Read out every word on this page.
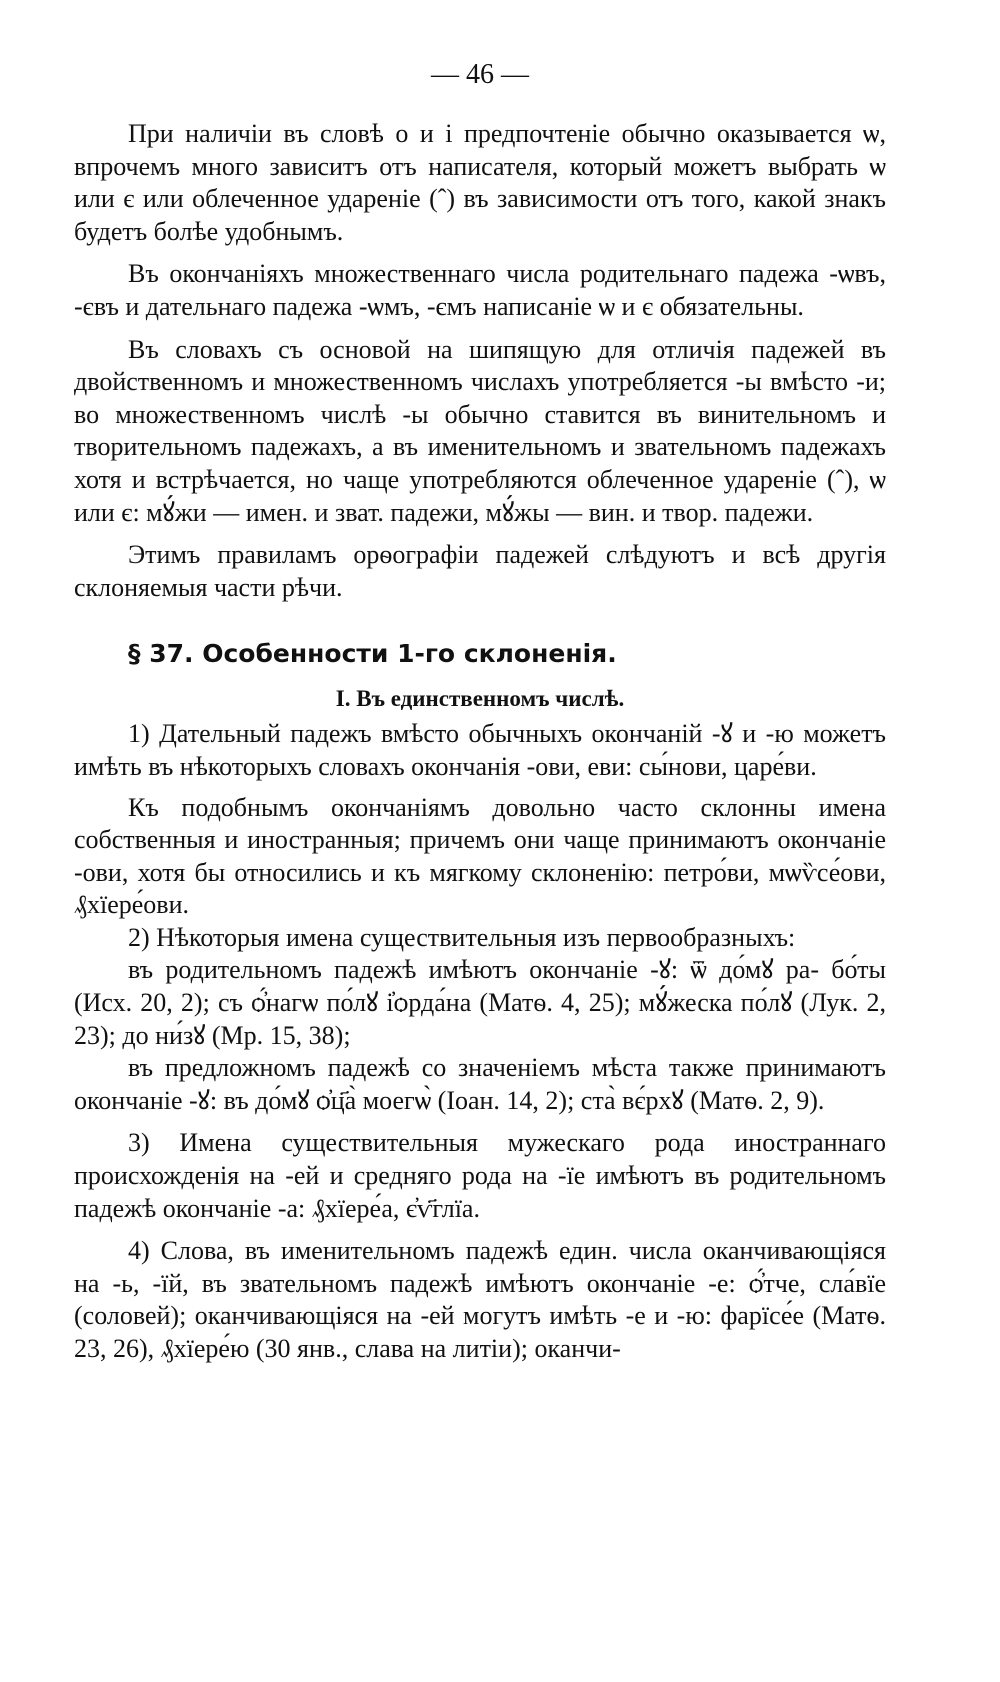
— 46 —

При наличіи въ словѣ о и і предпочтеніе обычно оказывается ѡ, впрочемъ много зависитъ отъ написателя, который можетъ выбрать ѡ или є или облеченное удареніе (ˆ) въ зависимости отъ того, какой знакъ будетъ болѣе удобнымъ.

Въ окончаніяхъ множественнаго числа родительнаго падежа -ѡвъ, -євъ и дательнаго падежа -ѡмъ, -ємъ написаніе ѡ и є обязательны.

Въ словахъ съ основой на шипящую для отличія падежей въ двойственномъ и множественномъ числахъ употребляется -ы вмѣсто -и; во множественномъ числѣ -ы обычно ставится въ винительномъ и творительномъ падежахъ, а въ именительномъ и звательномъ падежахъ хотя и встрѣчается, но чаще употребляются облеченное удареніе (ˆ), ѡ или є: мꙋ́жи — имен. и зват. падежи, мꙋ́жы — вин. и твор. падежи.

Этимъ правиламъ орѳографіи падежей слѣдуютъ и всѣ другія склоняемыя части рѣчи.

§ 37. Особенности 1-го склоненія.
I. Въ единственномъ числѣ.

1) Дательный падежъ вмѣсто обычныхъ окончаній -ꙋ и -ю можетъ имѣть въ нѣкоторыхъ словахъ окончанія -ови, еви: сы́нови, царе́ви.

Къ подобнымъ окончаніямъ довольно часто склонны имена собственныя и иностранныя; причемъ они чаще принимаютъ окончаніе -ови, хотя бы относились и къ мягкому склоненію: петро́ви, мѡѷсе́ови, ₰хїере́ови.

2) Нѣкоторыя имена существительныя изъ первообразныхъ:

въ родительномъ падежѣ имѣютъ окончаніе -ꙋ: ѿ до́мꙋ ра- бо́ты (Исх. 20, 2); съ ѻ҆́нагѡ по́лꙋ і҆ѻрда́на (Матѳ. 4, 25); мꙋ́жеска по́лꙋ (Лук. 2, 23); до ни́зꙋ (Мр. 15, 38);

въ предложномъ падежѣ со значеніемъ мѣста также принимаютъ окончаніе -ꙋ: въ до́мꙋ ѻ҆ц҃а̀ моегѡ̀ (Іоан. 14, 2); ста̀ вє́рхꙋ (Матѳ. 2, 9).

3) Имена существительныя мужескаго рода иностраннаго происхожденія на -ей и средняго рода на -їе имѣютъ въ родительномъ падежѣ окончаніе -а: ₰хїере́а, є҆ѵ҃глїа.

4) Слова, въ именительномъ падежѣ един. числа оканчивающіяся на -ь, -їй, въ звательномъ падежѣ имѣютъ окончаніе -е: ѻ҆́тче, сла́вїе (соловей); оканчивающіяся на -ей могутъ имѣть -е и -ю: фарїсе́е (Матѳ. 23, 26), ₰хїере́ю (30 янв., слава на литіи); оканчи-
